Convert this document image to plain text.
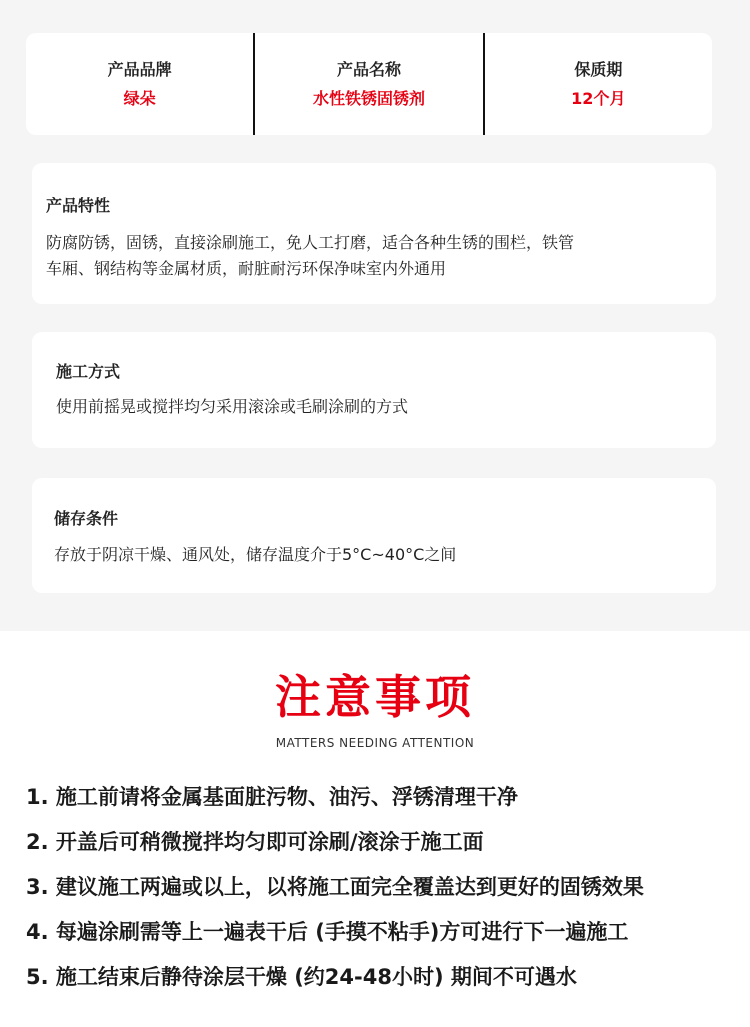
产品品牌
绿朵
产品名称
水性铁锈固锈剂
保质期
12个月
产品特性
防腐防锈，固锈，直接涂刷施工，免人工打磨，适合各种生锈的围栏，铁管
车厢、钢结构等金属材质，耐脏耐污环保净味室内外通用
施工方式
使用前摇晃或搅拌均匀采用滚涂或毛刷涂刷的方式
储存条件
存放于阴凉干燥、通风处，储存温度介于5°C~40°C之间
注意事项
MATTERS NEEDING ATTENTION
1. 施工前请将金属基面脏污物、油污、浮锈清理干净
2. 开盖后可稍微搅拌均匀即可涂刷/滚涂于施工面
3. 建议施工两遍或以上，以将施工面完全覆盖达到更好的固锈效果
4. 每遍涂刷需等上一遍表干后 (手摸不粘手)方可进行下一遍施工
5. 施工结束后静待涂层干燥 (约24-48小时) 期间不可遇水
